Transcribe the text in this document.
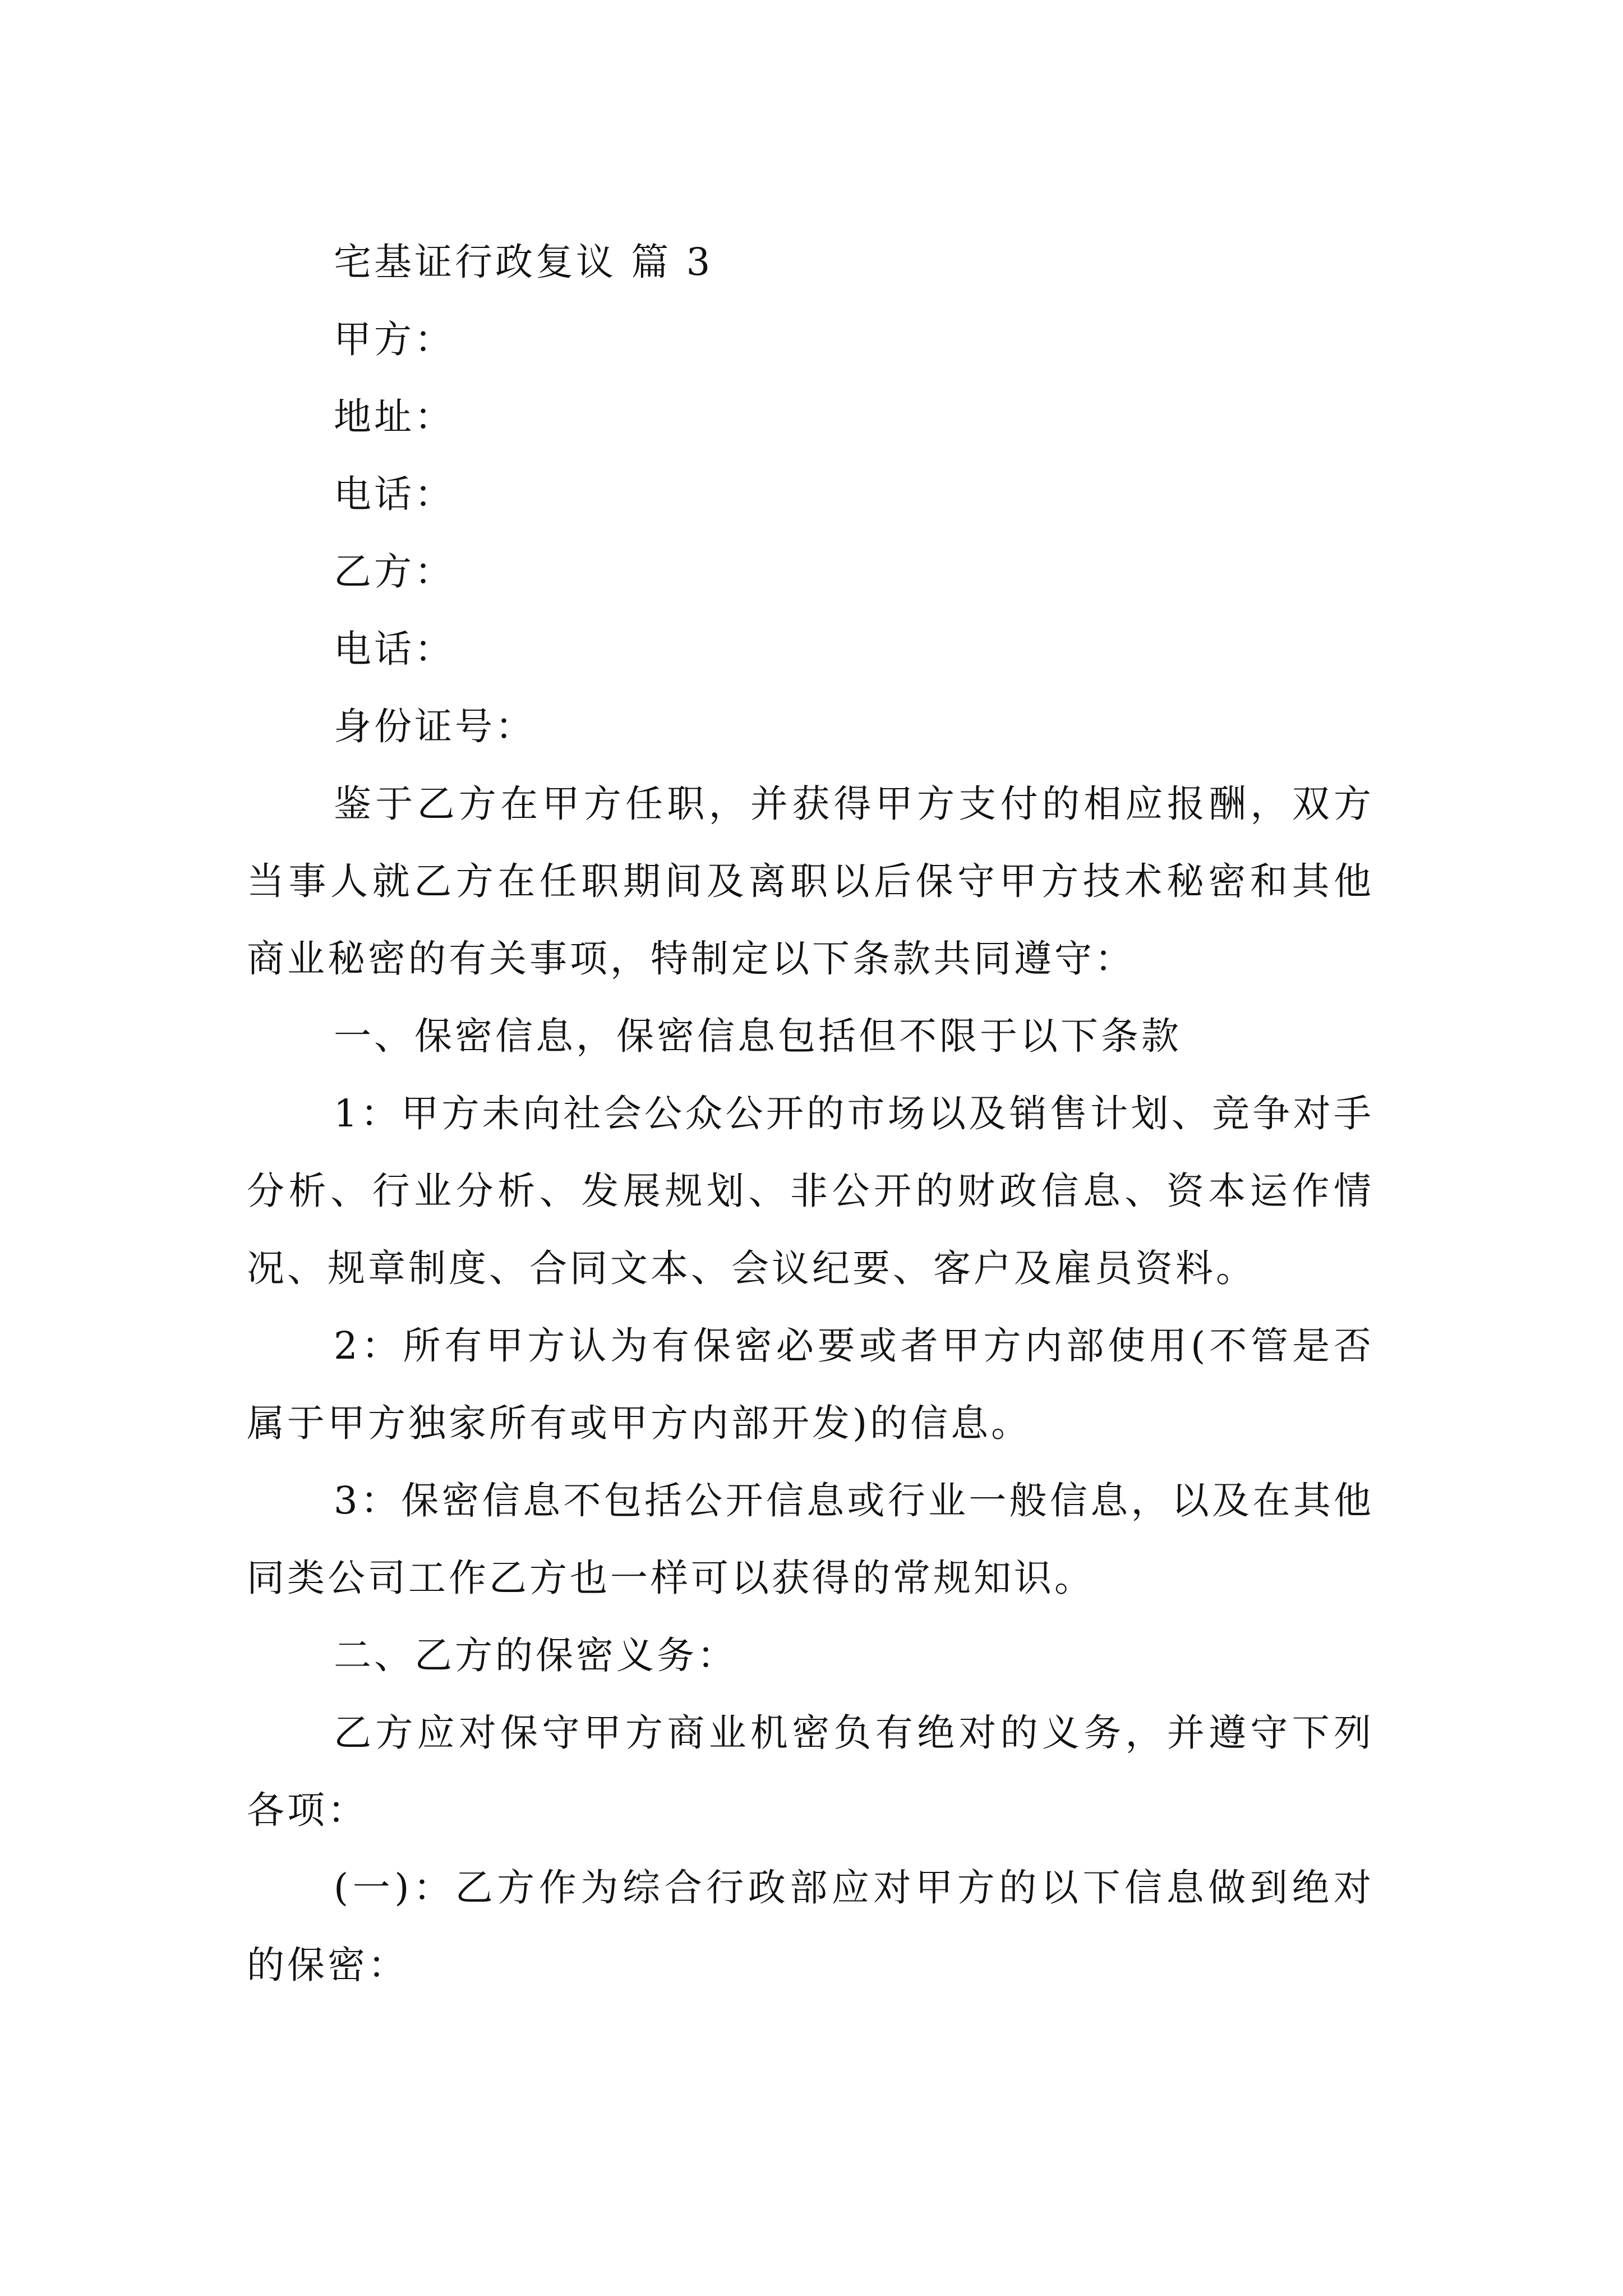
宅基证行政复议 篇 3

甲方：

地址：

电话：

乙方：

电话：

身份证号：

鉴于乙方在甲方任职，并获得甲方支付的相应报酬，双方当事人就乙方在任职期间及离职以后保守甲方技术秘密和其他商业秘密的有关事项，特制定以下条款共同遵守：

一、保密信息，保密信息包括但不限于以下条款

1：甲方未向社会公众公开的市场以及销售计划、竞争对手分析、行业分析、发展规划、非公开的财政信息、资本运作情况、规章制度、合同文本、会议纪要、客户及雇员资料。

2：所有甲方认为有保密必要或者甲方内部使用(不管是否属于甲方独家所有或甲方内部开发)的信息。

3：保密信息不包括公开信息或行业一般信息，以及在其他同类公司工作乙方也一样可以获得的常规知识。

二、乙方的保密义务：

乙方应对保守甲方商业机密负有绝对的义务，并遵守下列各项：

(一)：乙方作为综合行政部应对甲方的以下信息做到绝对的保密：
